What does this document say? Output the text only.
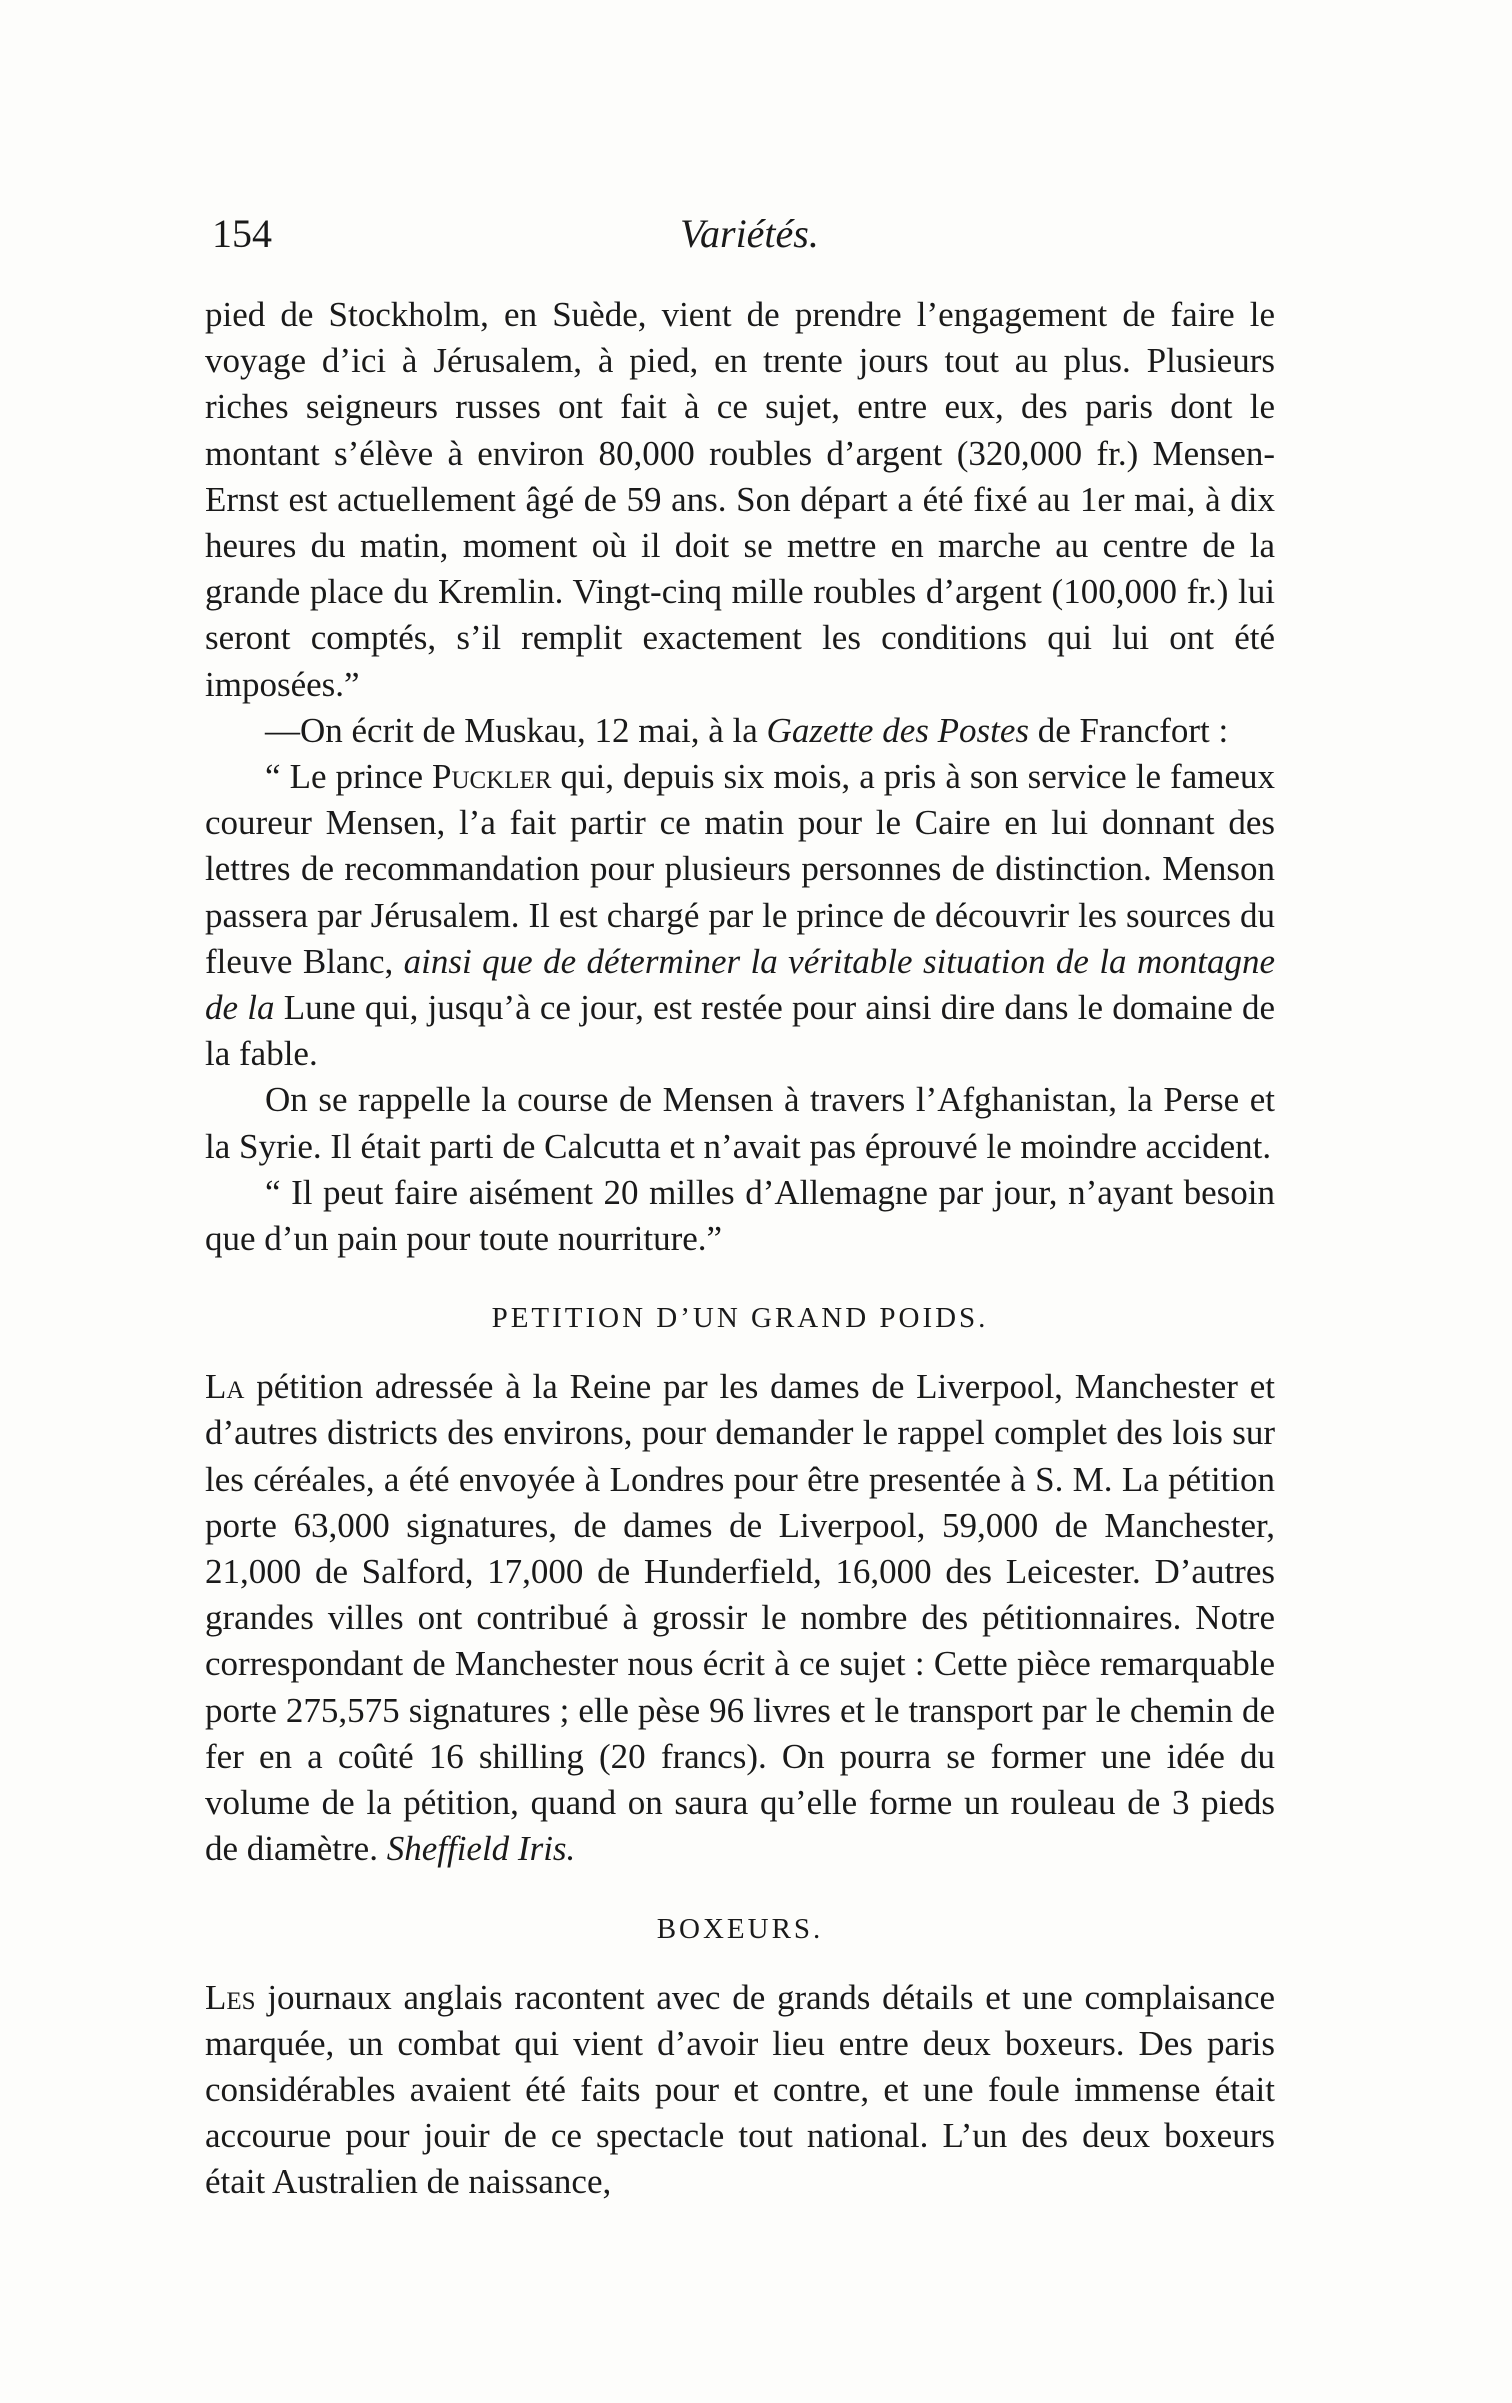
154	Variétés.

pied de Stockholm, en Suède, vient de prendre l’engagement de faire le voyage d’ici à Jérusalem, à pied, en trente jours tout au plus. Plusieurs riches seigneurs russes ont fait à ce sujet, entre eux, des paris dont le montant s’élève à environ 80,000 roubles d’argent (320,000 fr.) Mensen-Ernst est actuellement âgé de 59 ans. Son départ a été fixé au 1er mai, à dix heures du matin, moment où il doit se mettre en marche au centre de la grande place du Kremlin. Vingt-cinq mille roubles d’argent (100,000 fr.) lui seront comptés, s’il remplit exactement les conditions qui lui ont été imposées.”

—On écrit de Muskau, 12 mai, à la Gazette des Postes de Francfort :

“ Le prince Puckler qui, depuis six mois, a pris à son service le fameux coureur Mensen, l’a fait partir ce matin pour le Caire en lui donnant des lettres de recommandation pour plusieurs personnes de distinction. Menson passera par Jérusalem. Il est chargé par le prince de découvrir les sources du fleuve Blanc, ainsi que de déterminer la véritable situation de la montagne de la Lune qui, jusqu’à ce jour, est restée pour ainsi dire dans le domaine de la fable.

On se rappelle la course de Mensen à travers l’Afghanistan, la Perse et la Syrie. Il était parti de Calcutta et n’avait pas éprouvé le moindre accident.

“ Il peut faire aisément 20 milles d’Allemagne par jour, n’ayant besoin que d’un pain pour toute nourriture.”

PETITION D’UN GRAND POIDS.

La pétition adressée à la Reine par les dames de Liverpool, Manchester et d’autres districts des environs, pour demander le rappel complet des lois sur les céréales, a été envoyée à Londres pour être presentée à S. M. La pétition porte 63,000 signatures, de dames de Liverpool, 59,000 de Manchester, 21,000 de Salford, 17,000 de Hunderfield, 16,000 des Leicester. D’autres grandes villes ont contribué à grossir le nombre des pétitionnaires. Notre correspondant de Manchester nous écrit à ce sujet : Cette pièce remarquable porte 275,575 signatures ; elle pèse 96 livres et le transport par le chemin de fer en a coûté 16 shilling (20 francs). On pourra se former une idée du volume de la pétition, quand on saura qu’elle forme un rouleau de 3 pieds de diamètre. Sheffield Iris.

BOXEURS.

Les journaux anglais racontent avec de grands détails et une complaisance marquée, un combat qui vient d’avoir lieu entre deux boxeurs. Des paris considérables avaient été faits pour et contre, et une foule immense était accourue pour jouir de ce spectacle tout national. L’un des deux boxeurs était Australien de naissance,
